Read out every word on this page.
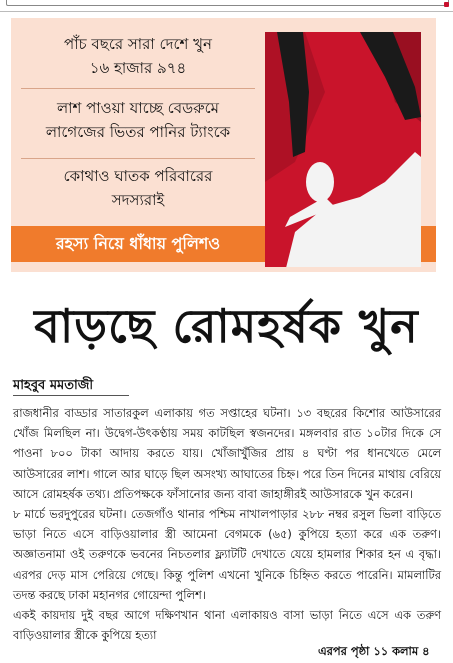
পাঁচ বছরে সারা দেশে খুন
১৬ হাজার ৯৭৪
লাশ পাওয়া যাচ্ছে বেডরুমে
লাগেজের ভিতর পানির ট্যাংকে
কোথাও ঘাতক পরিবারের
সদস্যরাই
রহস্য নিয়ে ধাঁধায় পুলিশও
বাড়ছে রোমহর্ষক খুন
মাহবুব মমতাজী

রাজধানীর বাড্ডার সাতারকুল এলাকায় গত সপ্তাহের ঘটনা। ১৩ বছরের কিশোর আউসারের খোঁজ মিলছিল না। উদ্বেগ-উৎকণ্ঠায় সময় কাটছিল স্বজনদের। মঙ্গলবার রাত ১০টার দিকে সে পাওনা ৮০০ টাকা আদায় করতে যায়। খোঁজাখুঁজির প্রায় ৪ ঘণ্টা পর ধানখেতে মেলে আউসারের লাশ। গালে আর ঘাড়ে ছিল অসংখ্য আঘাতের চিহ্ন। পরে তিন দিনের মাথায় বেরিয়ে আসে রোমহর্ষক তথ্য। প্রতিপক্ষকে ফাঁসানোর জন্য বাবা জাহাঙ্গীরই আউসারকে খুন করেন।

৮ মার্চে ভরদুপুরের ঘটনা। তেজগাঁও থানার পশ্চিম নাখালপাড়ার ২৮৮ নম্বর রসুল ভিলা বাড়িতে ভাড়া নিতে এসে বাড়িওয়ালার স্ত্রী আমেনা বেগমকে (৬৫) কুপিয়ে হত্যা করে এক তরুণ। অজ্ঞাতনামা ওই তরুণকে ভবনের নিচতলার ফ্ল্যাটটি দেখাতে যেয়ে হামলার শিকার হন এ বৃদ্ধা। এরপর দেড় মাস পেরিয়ে গেছে। কিন্তু পুলিশ এখনো খুনিকে চিহ্নিত করতে পারেনি। মামলাটির তদন্ত করছে ঢাকা মহানগর গোয়েন্দা পুলিশ।

একই কায়দায় দুই বছর আগে দক্ষিণখান থানা এলাকায়ও বাসা ভাড়া নিতে এসে এক তরুণ বাড়িওয়ালার স্ত্রীকে কুপিয়ে হত্যা

এরপর পৃষ্ঠা ১১ কলাম ৪
